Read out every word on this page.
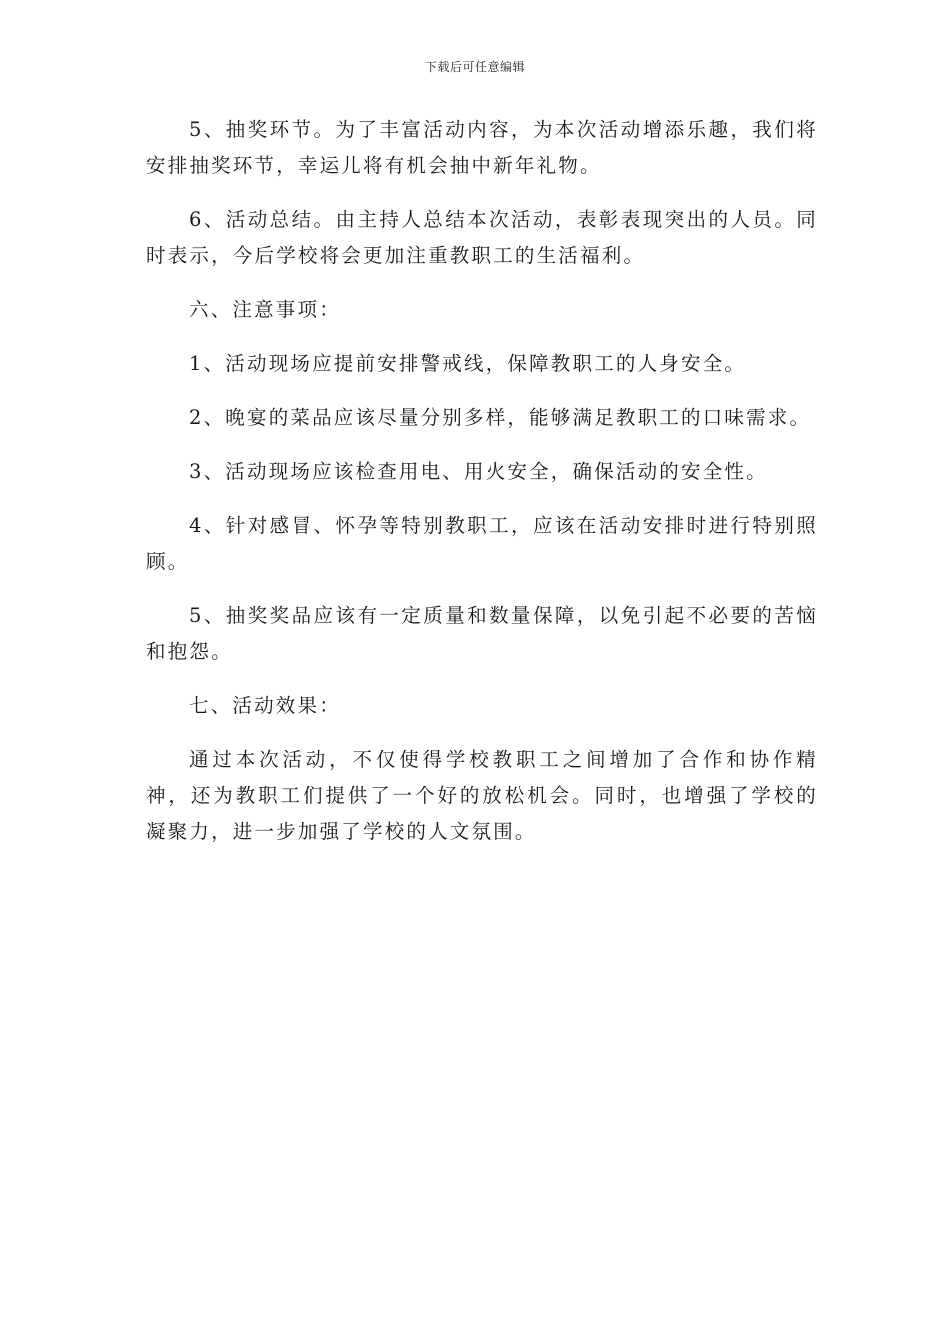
下载后可任意编辑

5、抽奖环节。为了丰富活动内容，为本次活动增添乐趣，我们将安排抽奖环节，幸运儿将有机会抽中新年礼物。

6、活动总结。由主持人总结本次活动，表彰表现突出的人员。同时表示，今后学校将会更加注重教职工的生活福利。

六、注意事项：

1、活动现场应提前安排警戒线，保障教职工的人身安全。

2、晚宴的菜品应该尽量分别多样，能够满足教职工的口味需求。

3、活动现场应该检查用电、用火安全，确保活动的安全性。

4、针对感冒、怀孕等特别教职工，应该在活动安排时进行特别照顾。

5、抽奖奖品应该有一定质量和数量保障，以免引起不必要的苦恼和抱怨。

七、活动效果：

通过本次活动，不仅使得学校教职工之间增加了合作和协作精神，还为教职工们提供了一个好的放松机会。同时，也增强了学校的凝聚力，进一步加强了学校的人文氛围。
